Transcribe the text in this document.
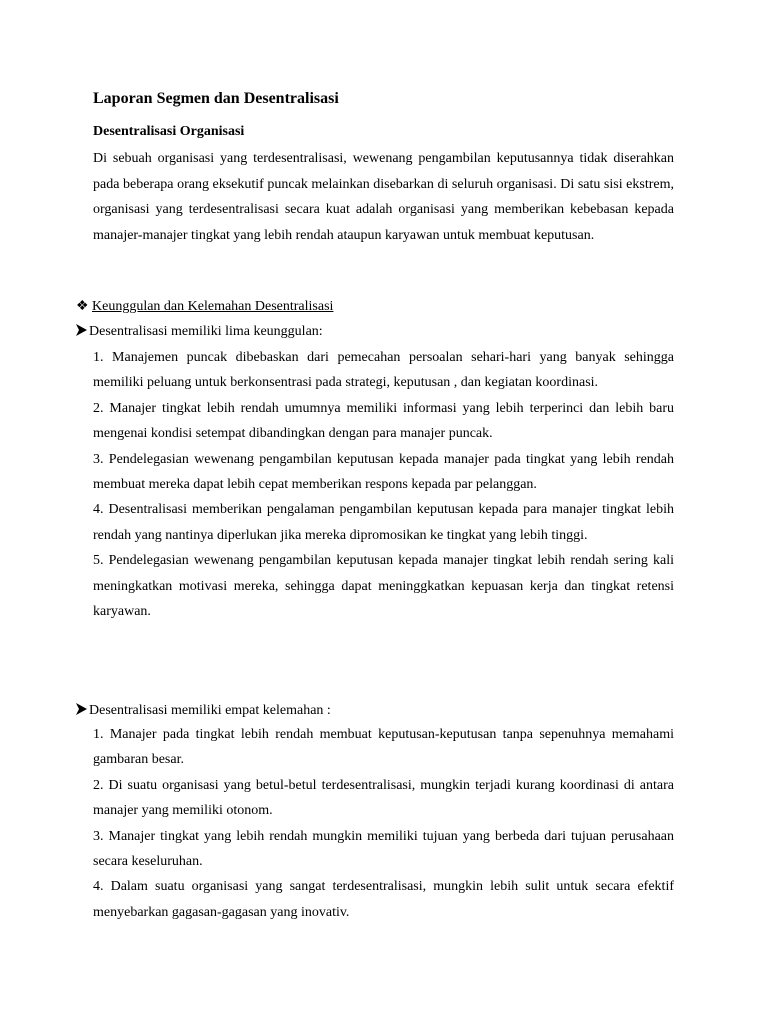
Laporan Segmen dan Desentralisasi
Desentralisasi Organisasi

Di sebuah organisasi yang terdesentralisasi, wewenang pengambilan keputusannya tidak diserahkan pada beberapa orang eksekutif puncak melainkan disebarkan di seluruh organisasi. Di satu sisi ekstrem, organisasi yang terdesentralisasi secara kuat adalah organisasi yang memberikan kebebasan kepada manajer-manajer tingkat yang lebih rendah ataupun karyawan untuk membuat keputusan.

❖ Keunggulan dan Kelemahan Desentralisasi

Desentralisasi memiliki lima keunggulan:

1. Manajemen puncak dibebaskan dari pemecahan persoalan sehari-hari yang banyak sehingga memiliki peluang untuk berkonsentrasi pada strategi, keputusan , dan kegiatan koordinasi.
2. Manajer tingkat lebih rendah umumnya memiliki informasi yang lebih terperinci dan lebih baru mengenai kondisi setempat dibandingkan dengan para manajer puncak.
3. Pendelegasian wewenang pengambilan keputusan kepada manajer pada tingkat yang lebih rendah membuat mereka dapat lebih cepat memberikan respons kepada par pelanggan.
4. Desentralisasi memberikan pengalaman pengambilan keputusan kepada para manajer tingkat lebih rendah yang nantinya diperlukan jika mereka dipromosikan ke tingkat yang lebih tinggi.
5. Pendelegasian wewenang pengambilan keputusan kepada manajer tingkat lebih rendah sering kali meningkatkan motivasi mereka, sehingga dapat meninggkatkan kepuasan kerja dan tingkat retensi karyawan.

Desentralisasi memiliki empat kelemahan :

1. Manajer pada tingkat lebih rendah membuat keputusan-keputusan tanpa sepenuhnya memahami gambaran besar.
2. Di suatu organisasi yang betul-betul terdesentralisasi, mungkin terjadi kurang koordinasi di antara manajer yang memiliki otonom.
3. Manajer tingkat yang lebih rendah mungkin memiliki tujuan yang berbeda dari tujuan perusahaan secara keseluruhan.
4. Dalam suatu organisasi yang sangat terdesentralisasi, mungkin lebih sulit untuk secara efektif menyebarkan gagasan-gagasan yang inovativ.
